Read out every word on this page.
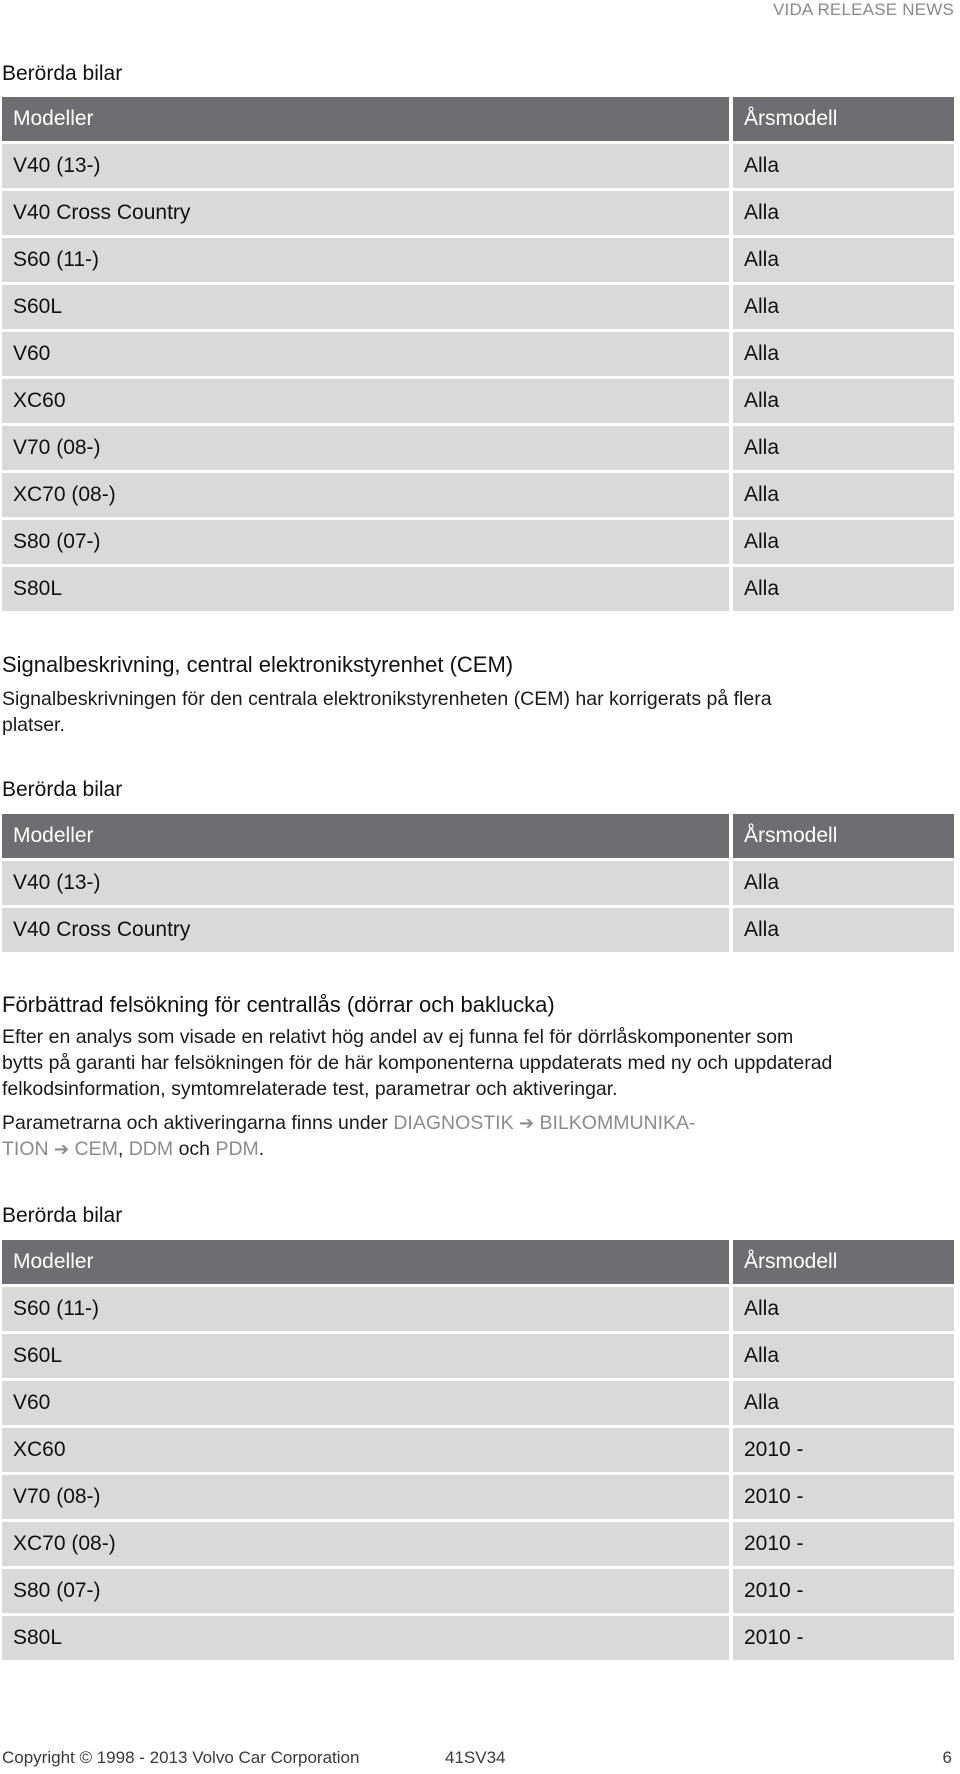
VIDA RELEASE NEWS
Berörda bilar
Modeller	Årsmodell
V40 (13-)	Alla
V40 Cross Country	Alla
S60 (11-)	Alla
S60L	Alla
V60	Alla
XC60	Alla
V70 (08-)	Alla
XC70 (08-)	Alla
S80 (07-)	Alla
S80L	Alla
Signalbeskrivning, central elektronikstyrenhet (CEM)
Signalbeskrivningen för den centrala elektronikstyrenheten (CEM) har korrigerats på flera
platser.
Berörda bilar
Modeller	Årsmodell
V40 (13-)	Alla
V40 Cross Country	Alla
Förbättrad felsökning för centrallås (dörrar och baklucka)
Efter en analys som visade en relativt hög andel av ej funna fel för dörrlåskomponenter som
bytts på garanti har felsökningen för de här komponenterna uppdaterats med ny och uppdaterad
felkodsinformation, symtomrelaterade test, parametrar och aktiveringar.
Parametrarna och aktiveringarna finns under DIAGNOSTIK ➔ BILKOMMUNIKA-
TION ➔ CEM, DDM och PDM.
Berörda bilar
Modeller	Årsmodell
S60 (11-)	Alla
S60L	Alla
V60	Alla
XC60	2010 -
V70 (08-)	2010 -
XC70 (08-)	2010 -
S80 (07-)	2010 -
S80L	2010 -
Copyright © 1998 - 2013 Volvo Car Corporation	41SV34	6
